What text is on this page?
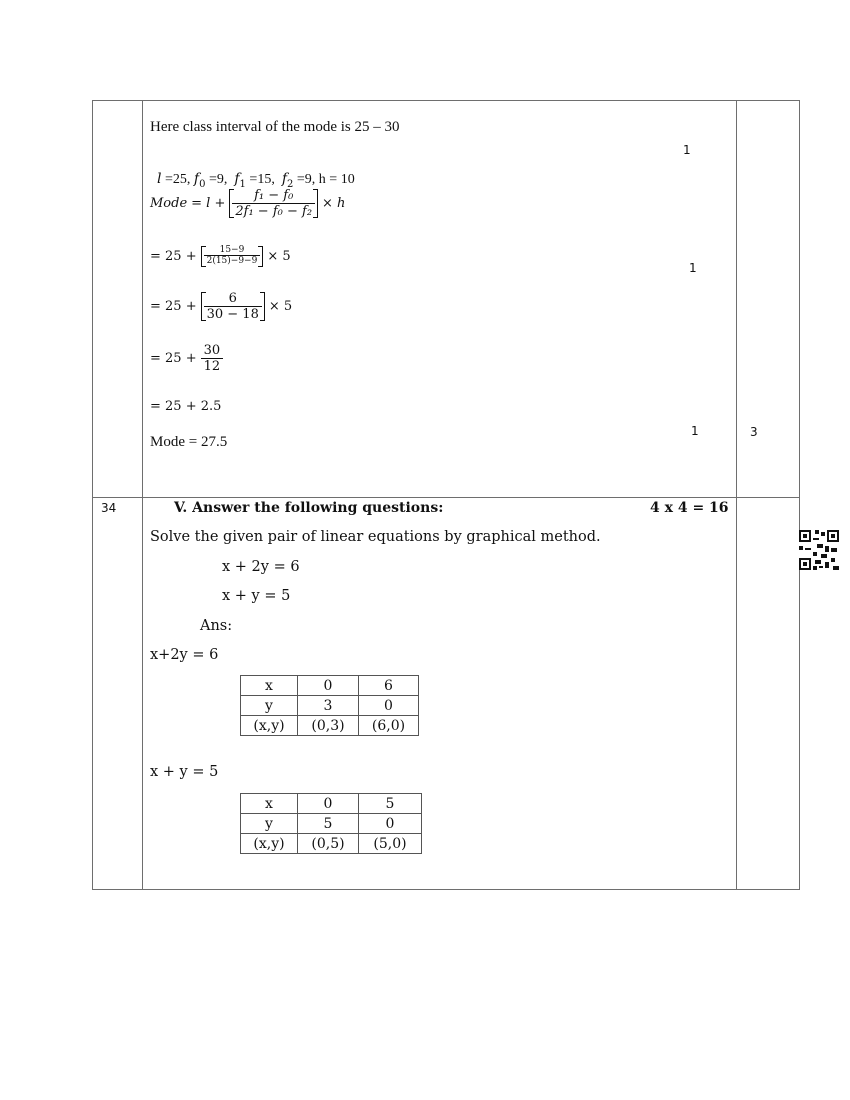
Here class interval of the mode is 25 – 30

l =25, $f_0 =9$,  $f_1 =15$,  $f_2 =9$, h = 10

Mode = $l + \frac{\text{f₁ − f₀}}{\text{2f₁ − f₀ − f₂}} \times h$
= $25 + \frac{15-9}{2(15)-9-9} \times 5$
= $25 + \frac{6}{30 - 18} \times 5$
= $25 + \frac{30}{12}$
= 25 + 2.5
Mode = 27.5
1
1
1	3
34	V. Answer the following questions:	4 x 4 = 16
Solve the given pair of linear equations by graphical method.
x + 2y = 6
x + y = 5
Ans:
x+2y = 6
x	0	6
y	3	0
(x,y)	(0,3)	(6,0)
x + y = 5
x	0	5
y	5	0
(x,y)	(0,5)	(5,0)
